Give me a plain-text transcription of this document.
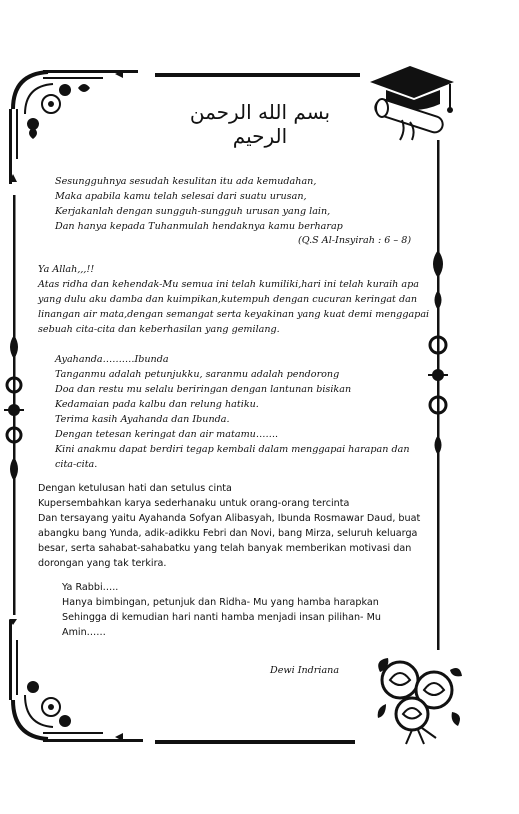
بسم الله الرحمن الرحيم
Sesungguhnya sesudah kesulitan itu ada kemudahan,
Maka apabila kamu telah selesai dari suatu urusan,
Kerjakanlah dengan sungguh-sungguh urusan yang lain,
Dan hanya kepada Tuhanmulah hendaknya kamu berharap
(Q.S Al-Insyirah : 6 – 8)
Ya Allah,,,!!
Atas ridha dan kehendak-Mu semua ini telah kumiliki,hari ini telah kuraih apa
yang dulu aku damba dan kuimpikan,kutempuh dengan cucuran keringat dan
linangan air mata,dengan semangat serta keyakinan yang kuat demi menggapai
sebuah cita-cita dan keberhasilan yang gemilang.
Ayahanda……….Ibunda
Tanganmu adalah petunjukku, saranmu adalah pendorong
Doa dan restu mu selalu beriringan dengan lantunan bisikan
Kedamaian pada kalbu dan relung hatiku.
Terima kasih Ayahanda dan Ibunda.
Dengan tetesan keringat dan air matamu…….
Kini anakmu dapat berdiri tegap kembali dalam menggapai harapan dan
cita-cita.
Dengan ketulusan hati dan setulus cinta
Kupersembahkan karya sederhanaku untuk orang-orang tercinta
Dan tersayang yaitu Ayahanda Sofyan Alibasyah, Ibunda Rosmawar Daud, buat
abangku bang Yunda, adik-adikku Febri dan Novi, bang Mirza, seluruh keluarga
besar, serta sahabat-sahabatku yang telah banyak memberikan motivasi dan
dorongan yang tak terkira.
Ya Rabbi…..
Hanya bimbingan, petunjuk dan Ridha- Mu yang hamba harapkan
Sehingga di kemudian hari nanti hamba menjadi insan pilihan- Mu
Amin……
Dewi Indriana
